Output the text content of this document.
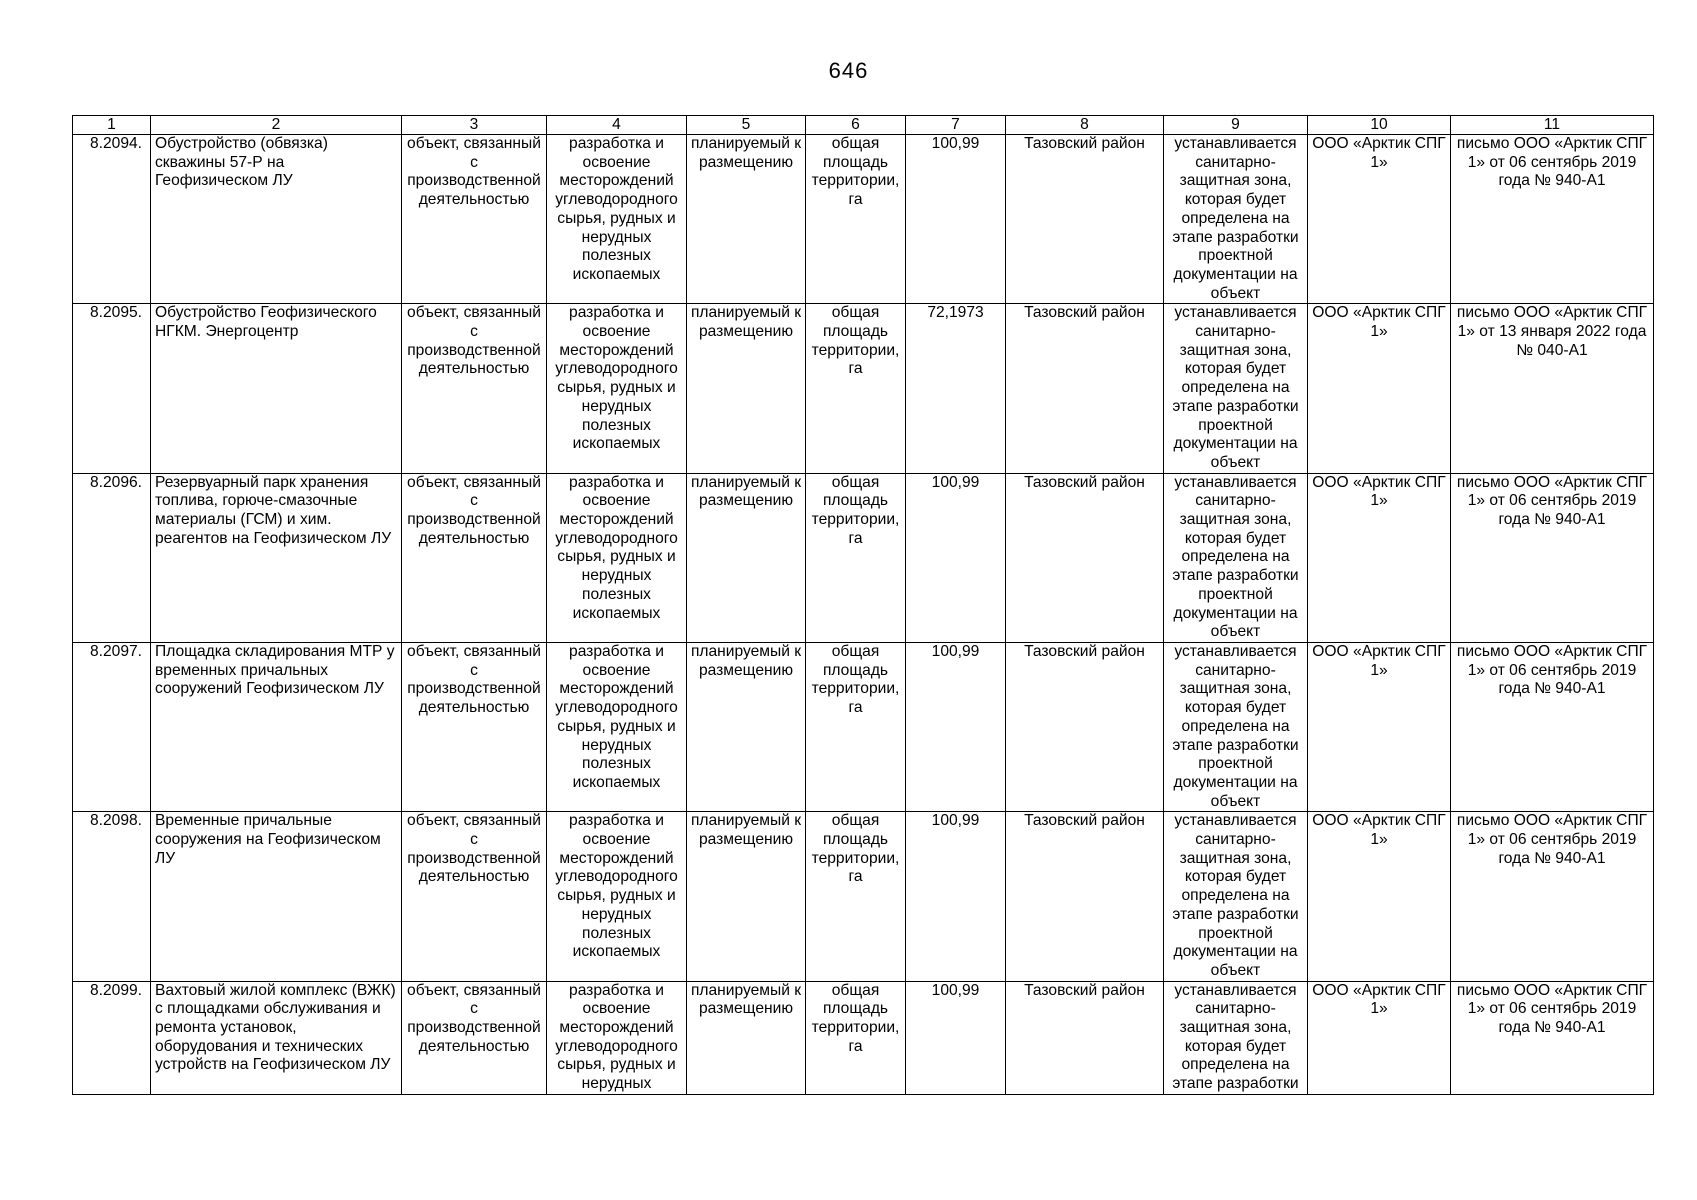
646
1	2	3	4	5	6	7	8	9	10	11
8.2094.	Обустройство (обвязка) скважины 57-Р на Геофизическом ЛУ	объект, связанный с производственной деятельностью	разработка и освоение месторождений углеводородного сырья, рудных и нерудных полезных ископаемых	планируемый к размещению	общая площадь территории, га	100,99	Тазовский район	устанавливается санитарно-защитная зона, которая будет определена на этапе разработки проектной документации на объект	ООО «Арктик СПГ 1»	письмо ООО «Арктик СПГ 1» от 06 сентябрь 2019 года № 940-А1
8.2095.	Обустройство Геофизического НГКМ. Энергоцентр	объект, связанный с производственной деятельностью	разработка и освоение месторождений углеводородного сырья, рудных и нерудных полезных ископаемых	планируемый к размещению	общая площадь территории, га	72,1973	Тазовский район	устанавливается санитарно-защитная зона, которая будет определена на этапе разработки проектной документации на объект	ООО «Арктик СПГ 1»	письмо ООО «Арктик СПГ 1» от 13 января 2022 года № 040-А1
8.2096.	Резервуарный парк хранения топлива, горюче-смазочные материалы (ГСМ) и хим. реагентов на Геофизическом ЛУ	объект, связанный с производственной деятельностью	разработка и освоение месторождений углеводородного сырья, рудных и нерудных полезных ископаемых	планируемый к размещению	общая площадь территории, га	100,99	Тазовский район	устанавливается санитарно-защитная зона, которая будет определена на этапе разработки проектной документации на объект	ООО «Арктик СПГ 1»	письмо ООО «Арктик СПГ 1» от 06 сентябрь 2019 года № 940-А1
8.2097.	Площадка складирования МТР у временных причальных сооружений Геофизическом ЛУ	объект, связанный с производственной деятельностью	разработка и освоение месторождений углеводородного сырья, рудных и нерудных полезных ископаемых	планируемый к размещению	общая площадь территории, га	100,99	Тазовский район	устанавливается санитарно-защитная зона, которая будет определена на этапе разработки проектной документации на объект	ООО «Арктик СПГ 1»	письмо ООО «Арктик СПГ 1» от 06 сентябрь 2019 года № 940-А1
8.2098.	Временные причальные сооружения на Геофизическом ЛУ	объект, связанный с производственной деятельностью	разработка и освоение месторождений углеводородного сырья, рудных и нерудных полезных ископаемых	планируемый к размещению	общая площадь территории, га	100,99	Тазовский район	устанавливается санитарно-защитная зона, которая будет определена на этапе разработки проектной документации на объект	ООО «Арктик СПГ 1»	письмо ООО «Арктик СПГ 1» от 06 сентябрь 2019 года № 940-А1
8.2099.	Вахтовый жилой комплекс (ВЖК) с площадками обслуживания и ремонта установок, оборудования и технических устройств на Геофизическом ЛУ	объект, связанный с производственной деятельностью	разработка и освоение месторождений углеводородного сырья, рудных и нерудных	планируемый к размещению	общая площадь территории, га	100,99	Тазовский район	устанавливается санитарно-защитная зона, которая будет определена на этапе разработки	ООО «Арктик СПГ 1»	письмо ООО «Арктик СПГ 1» от 06 сентябрь 2019 года № 940-А1
